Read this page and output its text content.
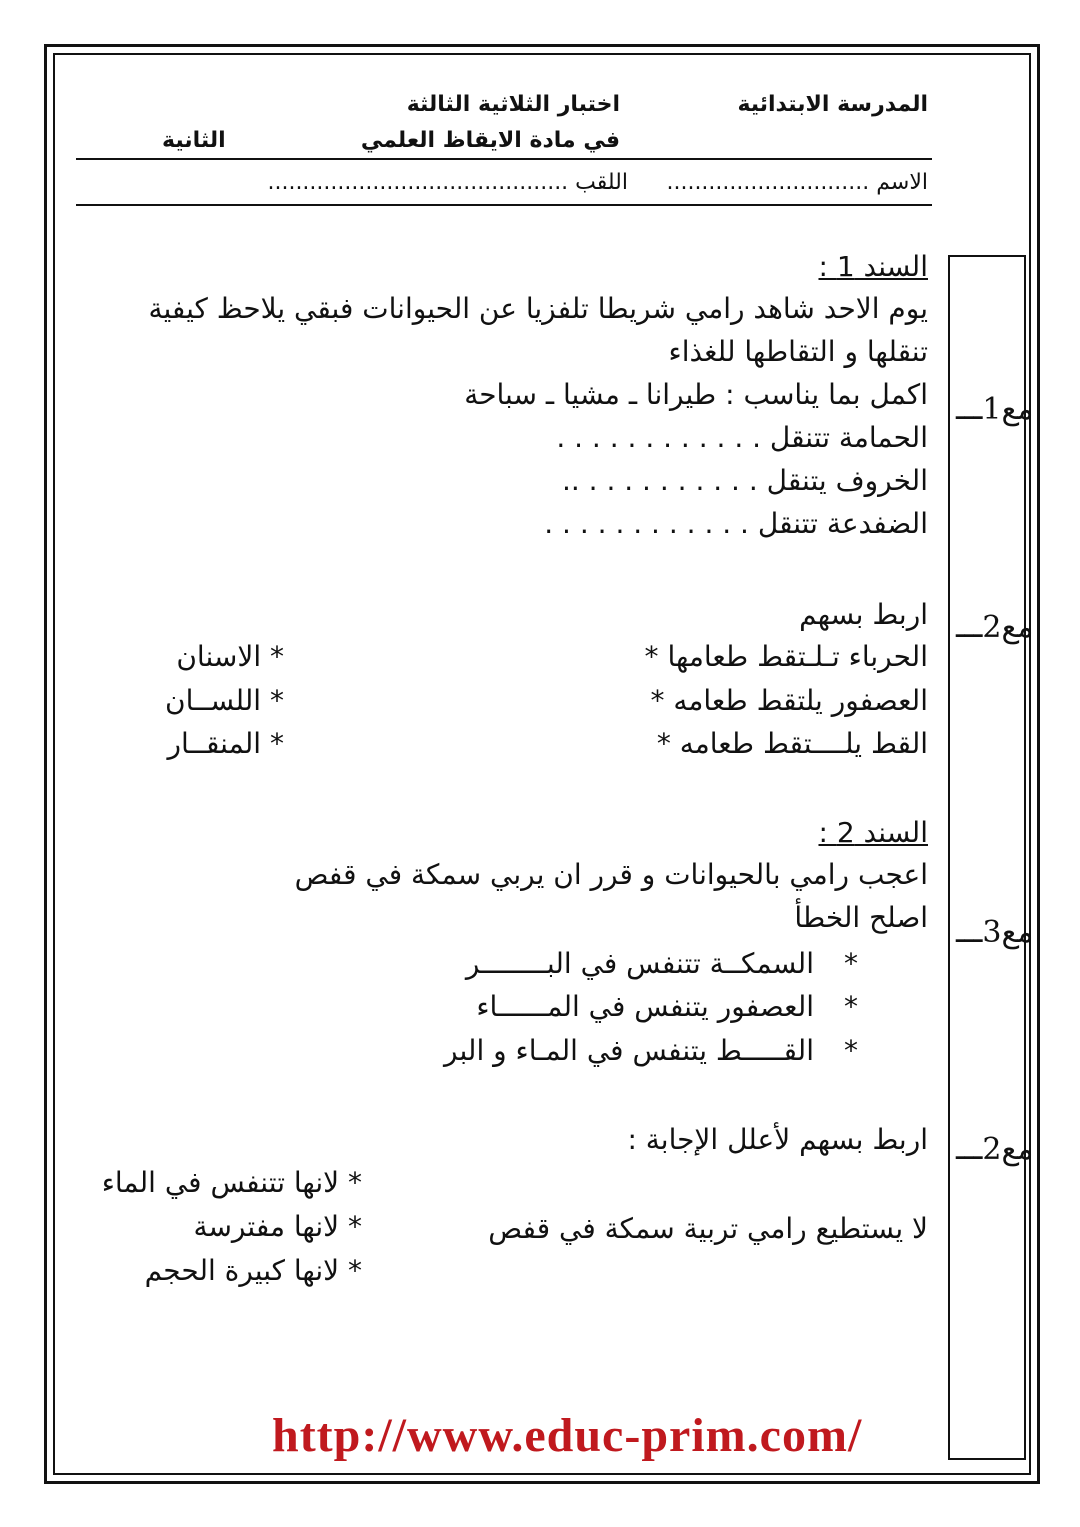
المدرسة الابتدائية
اختبار الثلاثية الثالثة
في مادة الايقاظ العلمي
الثانية
الاسم .............................
اللقب ...........................................
مع1ـــ
مع2ـــ
مع3ـــ
مع2ـــ
السند 1 :
يوم الاحد شاهد رامي شريطا تلفزيا عن الحيوانات فبقي يلاحظ كيفية
تنقلها و التقاطها للغذاء
اكمل بما يناسب : طيرانا ـ مشيا ـ سباحة
الحمامة تتنقل . . . . . . . . . . . .
الخروف يتنقل . . . . . . . . . . ..
الضفدعة تتنقل . . . . . . . . . . . .
اربط بسهم
الحرباء تـلـتقط طعامها *
العصفور يلتقط طعامه *
القط يلــــتقط طعامه *
* الاسنان
* اللســان
* المنقــار
السند 2 :
اعجب رامي بالحيوانات و قرر ان يربي سمكة في قفص
اصلح الخطأ
*
السمكــة تتنفس في البــــــــر
*
العصفور يتنفس في المــــــاء
*
القـــــط يتنفس في المـاء و البر
اربط بسهم لأعلل الإجابة :
لا يستطيع رامي تربية سمكة في قفص
* لانها تتنفس في الماء
* لانها مفترسة
* لانها كبيرة الحجم
http://www.educ-prim.com/
